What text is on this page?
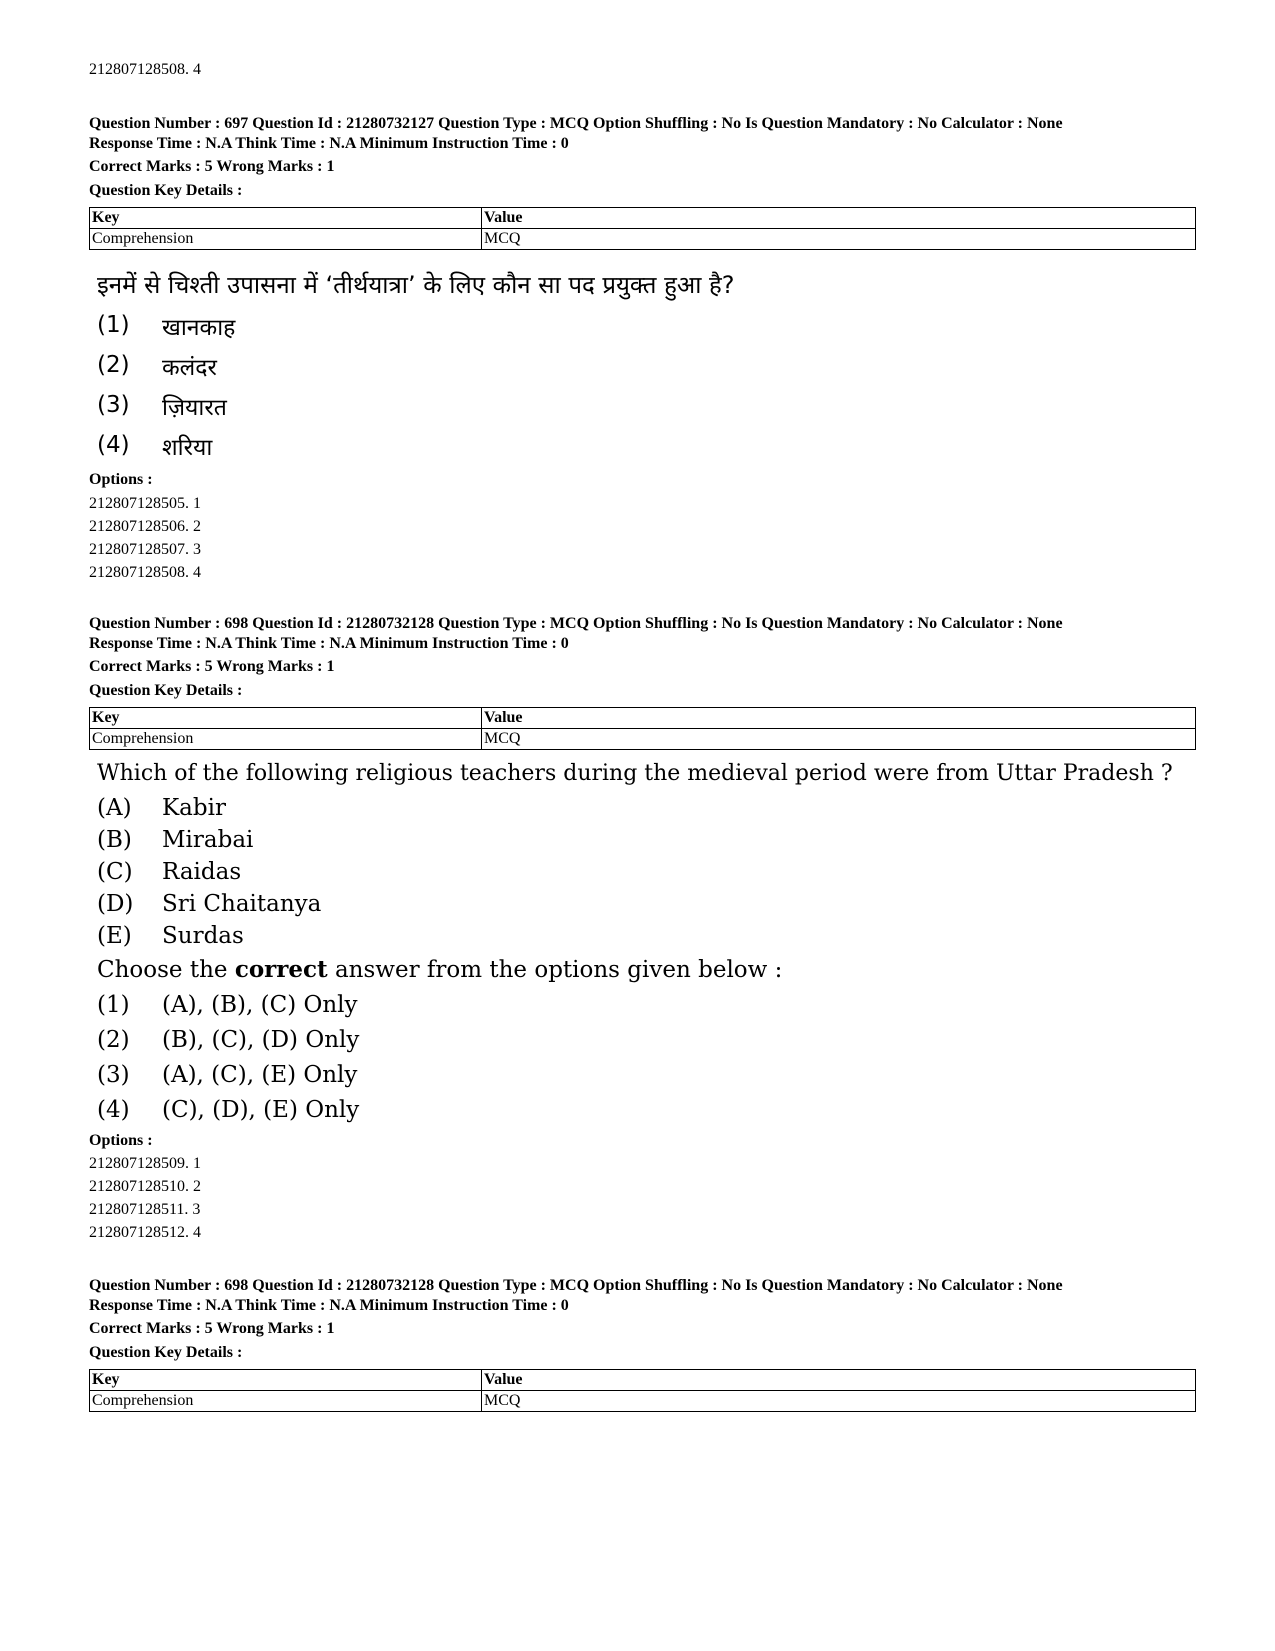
212807128508. 4
Question Number : 697 Question Id : 21280732127 Question Type : MCQ Option Shuffling : No Is Question Mandatory : No Calculator : None
Response Time : N.A Think Time : N.A Minimum Instruction Time : 0
Correct Marks : 5 Wrong Marks : 1
Question Key Details :
Key	Value
Comprehension	MCQ
इनमें से चिश्ती उपासना में ‘तीर्थयात्रा’ के लिए कौन सा पद प्रयुक्त हुआ है?
(1) खानकाह
(2) कलंदर
(3) ज़ियारत
(4) शरिया
Options :
212807128505. 1
212807128506. 2
212807128507. 3
212807128508. 4
Question Number : 698 Question Id : 21280732128 Question Type : MCQ Option Shuffling : No Is Question Mandatory : No Calculator : None
Response Time : N.A Think Time : N.A Minimum Instruction Time : 0
Correct Marks : 5 Wrong Marks : 1
Question Key Details :
Key	Value
Comprehension	MCQ
Which of the following religious teachers during the medieval period were from Uttar Pradesh ?
(A) Kabir
(B) Mirabai
(C) Raidas
(D) Sri Chaitanya
(E) Surdas
Choose the correct answer from the options given below :
(1) (A), (B), (C) Only
(2) (B), (C), (D) Only
(3) (A), (C), (E) Only
(4) (C), (D), (E) Only
Options :
212807128509. 1
212807128510. 2
212807128511. 3
212807128512. 4
Question Number : 698 Question Id : 21280732128 Question Type : MCQ Option Shuffling : No Is Question Mandatory : No Calculator : None
Response Time : N.A Think Time : N.A Minimum Instruction Time : 0
Correct Marks : 5 Wrong Marks : 1
Question Key Details :
Key	Value
Comprehension	MCQ
